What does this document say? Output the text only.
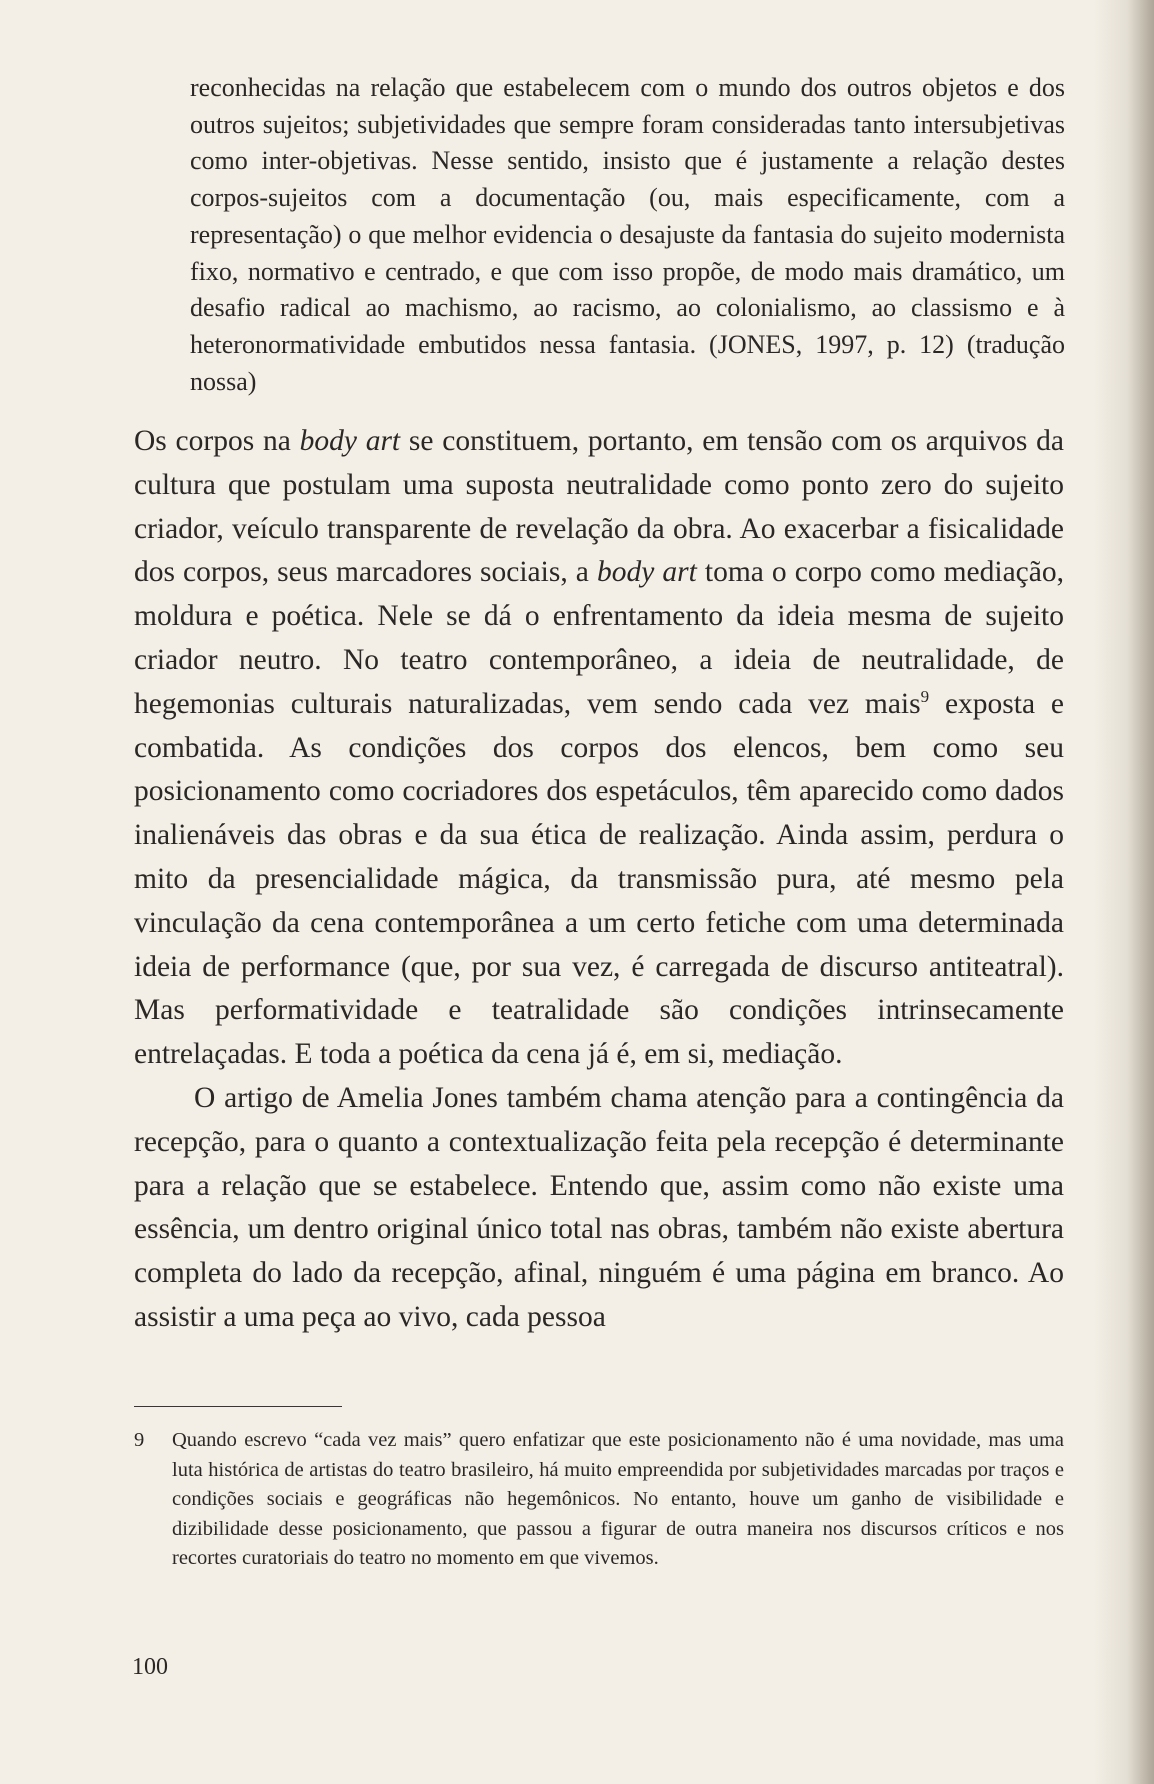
reconhecidas na relação que estabelecem com o mundo dos outros objetos e dos outros sujeitos; subjetividades que sempre foram consideradas tanto intersubjetivas como inter-objetivas. Nesse sentido, insisto que é justamente a relação destes corpos-sujeitos com a documentação (ou, mais especificamente, com a representação) o que melhor evidencia o desajuste da fantasia do sujeito modernista fixo, normativo e centrado, e que com isso propõe, de modo mais dramático, um desafio radical ao machismo, ao racismo, ao colonialismo, ao classismo e à heteronormatividade embutidos nessa fantasia. (JONES, 1997, p. 12) (tradução nossa)

Os corpos na body art se constituem, portanto, em tensão com os arquivos da cultura que postulam uma suposta neutralidade como ponto zero do sujeito criador, veículo transparente de revelação da obra. Ao exacerbar a fisicalidade dos corpos, seus marcadores sociais, a body art toma o corpo como mediação, moldura e poética. Nele se dá o enfrentamento da ideia mesma de sujeito criador neutro. No teatro contemporâneo, a ideia de neutralidade, de hegemonias culturais naturalizadas, vem sendo cada vez mais$^9$ exposta e combatida. As condições dos corpos dos elencos, bem como seu posicionamento como cocriadores dos espetáculos, têm aparecido como dados inalienáveis das obras e da sua ética de realização. Ainda assim, perdura o mito da presencialidade mágica, da transmissão pura, até mesmo pela vinculação da cena contemporânea a um certo fetiche com uma determinada ideia de performance (que, por sua vez, é carregada de discurso antiteatral). Mas performatividade e teatralidade são condições intrinsecamente entrelaçadas. E toda a poética da cena já é, em si, mediação.

O artigo de Amelia Jones também chama atenção para a contingência da recepção, para o quanto a contextualização feita pela recepção é determinante para a relação que se estabelece. Entendo que, assim como não existe uma essência, um dentro original único total nas obras, também não existe abertura completa do lado da recepção, afinal, ninguém é uma página em branco. Ao assistir a uma peça ao vivo, cada pessoa

9 Quando escrevo “cada vez mais” quero enfatizar que este posicionamento não é uma novidade, mas uma luta histórica de artistas do teatro brasileiro, há muito empreendida por subjetividades marcadas por traços e condições sociais e geográficas não hegemônicos. No entanto, houve um ganho de visibilidade e dizibilidade desse posicionamento, que passou a figurar de outra maneira nos discursos críticos e nos recortes curatoriais do teatro no momento em que vivemos.
100
